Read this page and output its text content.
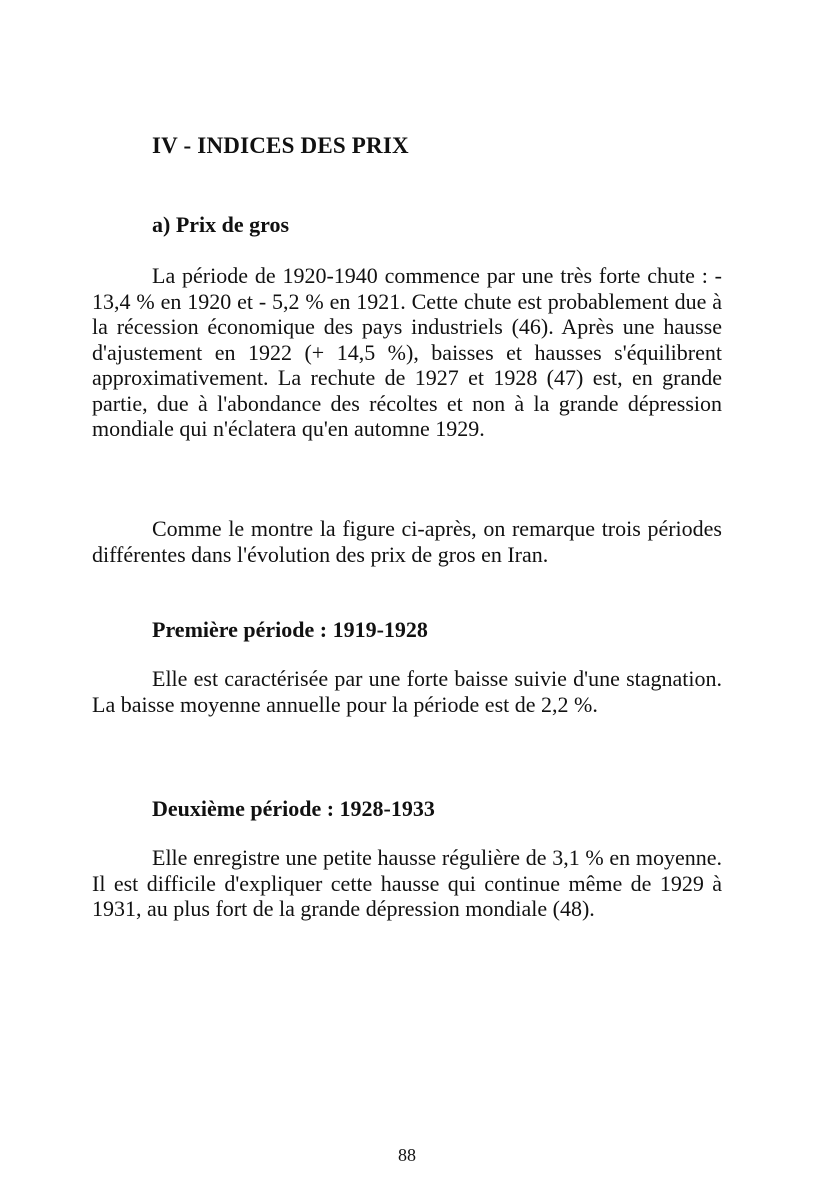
IV - INDICES DES PRIX
a) Prix de gros

La période de 1920-1940 commence par une très forte chute : - 13,4 % en 1920 et - 5,2 % en 1921. Cette chute est probablement due à la récession économique des pays industriels (46). Après une hausse d'ajustement en 1922 (+ 14,5 %), baisses et hausses s'équilibrent approximativement. La rechute de 1927 et 1928 (47) est, en grande partie, due à l'abondance des récoltes et non à la grande dépression mondiale qui n'éclatera qu'en automne 1929.

Comme le montre la figure ci-après, on remarque trois périodes différentes dans l'évolution des prix de gros en Iran.

Première période : 1919-1928

Elle est caractérisée par une forte baisse suivie d'une stagnation. La baisse moyenne annuelle pour la période est de 2,2 %.

Deuxième période : 1928-1933

Elle enregistre une petite hausse régulière de 3,1 % en moyenne. Il est difficile d'expliquer cette hausse qui continue même de 1929 à 1931, au plus fort de la grande dépression mondiale (48).

88
